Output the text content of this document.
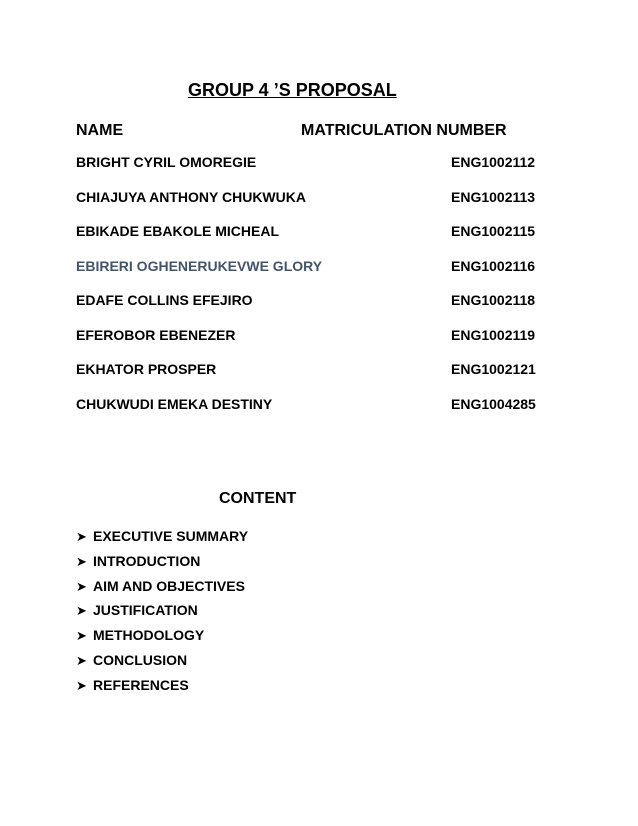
GROUP 4 ’S PROPOSAL
NAME	MATRICULATION NUMBER
BRIGHT CYRIL OMOREGIE	ENG1002112
CHIAJUYA ANTHONY CHUKWUKA	ENG1002113
EBIKADE EBAKOLE MICHEAL	ENG1002115
EBIRERI OGHENERUKEVWE GLORY	ENG1002116
EDAFE COLLINS EFEJIRO	ENG1002118
EFEROBOR EBENEZER	ENG1002119
EKHATOR PROSPER	ENG1002121
CHUKWUDI EMEKA DESTINY	ENG1004285
CONTENT
➤ EXECUTIVE SUMMARY
➤ INTRODUCTION
➤ AIM AND OBJECTIVES
➤ JUSTIFICATION
➤ METHODOLOGY
➤ CONCLUSION
➤ REFERENCES
